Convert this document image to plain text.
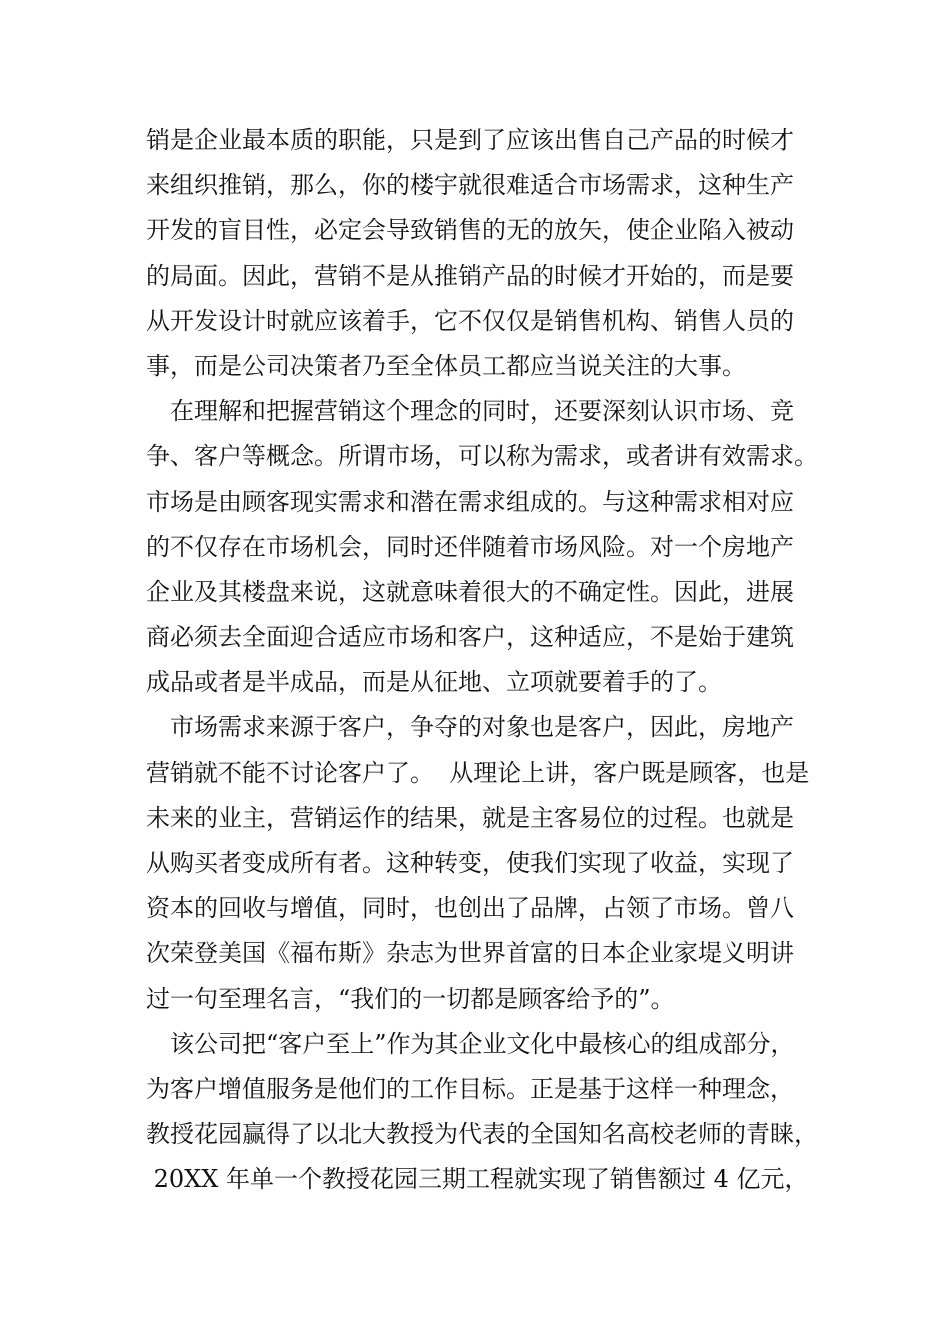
销是企业最本质的职能，只是到了应该出售自己产品的时候才
来组织推销，那么，你的楼宇就很难适合市场需求，这种生产
开发的盲目性，必定会导致销售的无的放矢，使企业陷入被动
的局面。因此，营销不是从推销产品的时候才开始的，而是要
从开发设计时就应该着手，它不仅仅是销售机构、销售人员的
事，而是公司决策者乃至全体员工都应当说关注的大事。
　在理解和把握营销这个理念的同时，还要深刻认识市场、竞
争、客户等概念。所谓市场，可以称为需求，或者讲有效需求。
市场是由顾客现实需求和潜在需求组成的。与这种需求相对应
的不仅存在市场机会，同时还伴随着市场风险。对一个房地产
企业及其楼盘来说，这就意味着很大的不确定性。因此，进展
商必须去全面迎合适应市场和客户，这种适应，不是始于建筑
成品或者是半成品，而是从征地、立项就要着手的了。
　市场需求来源于客户，争夺的对象也是客户，因此，房地产
营销就不能不讨论客户了。  从理论上讲，客户既是顾客，也是
未来的业主，营销运作的结果，就是主客易位的过程。也就是
从购买者变成所有者。这种转变，使我们实现了收益，实现了
资本的回收与增值，同时，也创出了品牌，占领了市场。曾八
次荣登美国《福布斯》杂志为世界首富的日本企业家堤义明讲
过一句至理名言，“我们的一切都是顾客给予的”。
　该公司把“客户至上”作为其企业文化中最核心的组成部分，
为客户增值服务是他们的工作目标。正是基于这样一种理念，
教授花园赢得了以北大教授为代表的全国知名高校老师的青睐，
20XX 年单一个教授花园三期工程就实现了销售额过 4 亿元，
